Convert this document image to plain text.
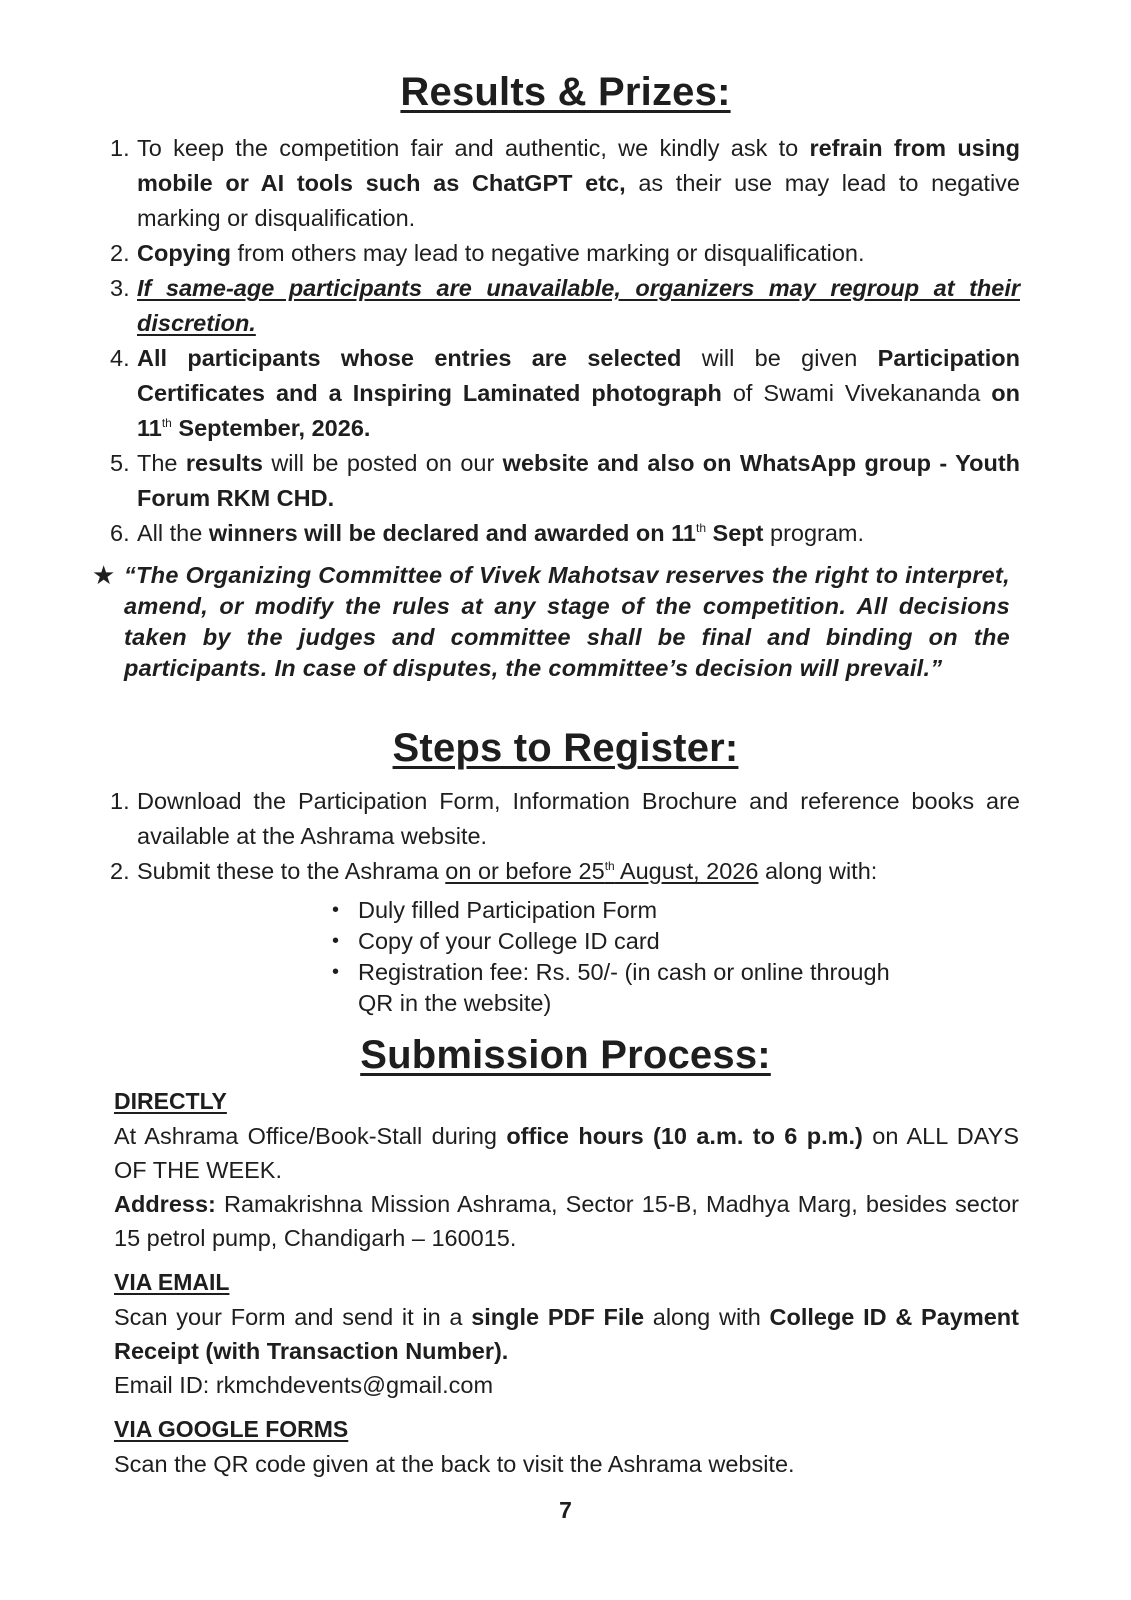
Results & Prizes:
1. To keep the competition fair and authentic, we kindly ask to refrain from using mobile or AI tools such as ChatGPT etc, as their use may lead to negative marking or disqualification.
2. Copying from others may lead to negative marking or disqualification.
3. If same-age participants are unavailable, organizers may regroup at their discretion.
4. All participants whose entries are selected will be given Participation Certificates and a Inspiring Laminated photograph of Swami Vivekananda on 11th September, 2026.
5. The results will be posted on our website and also on WhatsApp group - Youth Forum RKM CHD.
6. All the winners will be declared and awarded on 11th Sept program.
★ “The Organizing Committee of Vivek Mahotsav reserves the right to interpret, amend, or modify the rules at any stage of the competition. All decisions taken by the judges and committee shall be final and binding on the participants. In case of disputes, the committee’s decision will prevail.”
Steps to Register:
1. Download the Participation Form, Information Brochure and reference books are available at the Ashrama website.
2. Submit these to the Ashrama on or before 25th August, 2026 along with:
• Duly filled Participation Form
• Copy of your College ID card
• Registration fee: Rs. 50/- (in cash or online through QR in the website)
Submission Process:
DIRECTLY
At Ashrama Office/Book-Stall during office hours (10 a.m. to 6 p.m.) on ALL DAYS OF THE WEEK.
Address: Ramakrishna Mission Ashrama, Sector 15-B, Madhya Marg, besides sector 15 petrol pump, Chandigarh – 160015.
VIA EMAIL
Scan your Form and send it in a single PDF File along with College ID & Payment Receipt (with Transaction Number).
Email ID: rkmchdevents@gmail.com
VIA GOOGLE FORMS
Scan the QR code given at the back to visit the Ashrama website.
7
